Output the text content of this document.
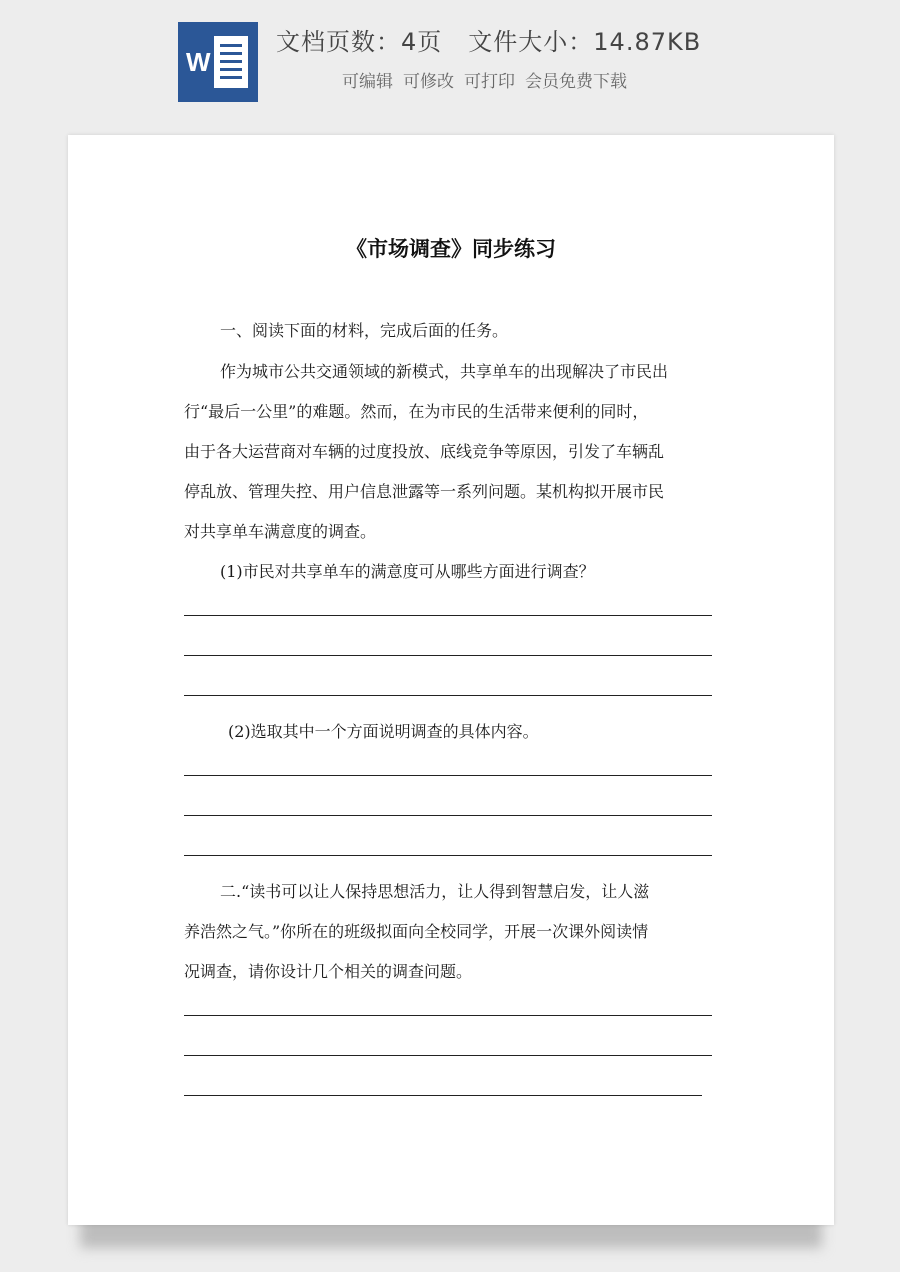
W
文档页数：4页 文件大小：14.87KB
可编辑 可修改 可打印 会员免费下载
《市场调查》同步练习
一、阅读下面的材料，完成后面的任务。
作为城市公共交通领域的新模式，共享单车的出现解决了市民出
行“最后一公里”的难题。然而，在为市民的生活带来便利的同时，
由于各大运营商对车辆的过度投放、底线竞争等原因，引发了车辆乱
停乱放、管理失控、用户信息泄露等一系列问题。某机构拟开展市民
对共享单车满意度的调查。
(1)市民对共享单车的满意度可从哪些方面进行调查？
(2)选取其中一个方面说明调查的具体内容。
二.“读书可以让人保持思想活力，让人得到智慧启发，让人滋
养浩然之气。”你所在的班级拟面向全校同学，开展一次课外阅读情
况调查，请你设计几个相关的调查问题。
